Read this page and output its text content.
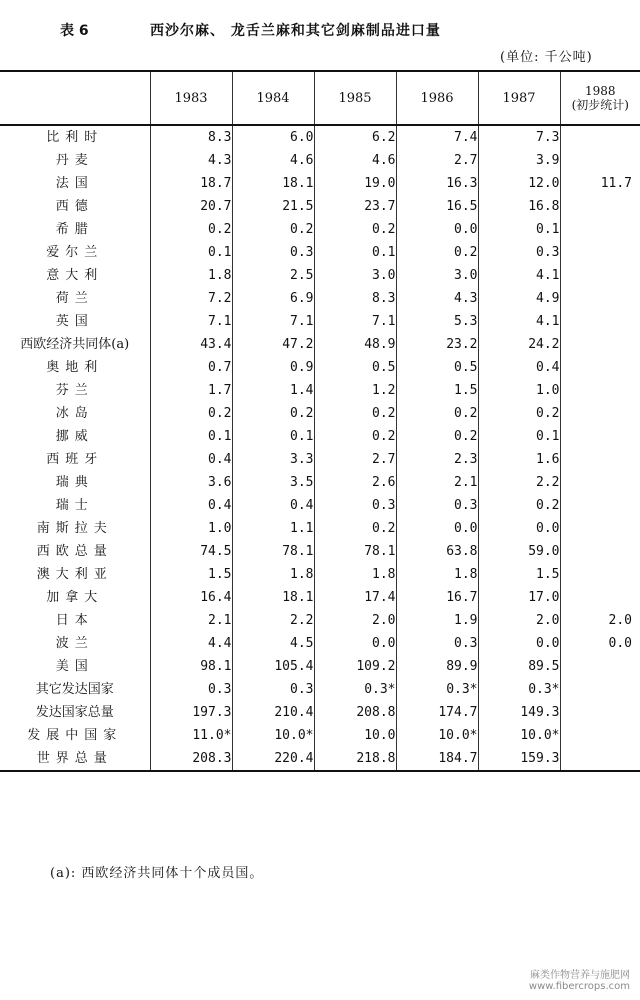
表 6	西沙尔麻、 龙舌兰麻和其它剑麻制品进口量
(单位: 千公吨)
	1983	1984	1985	1986	1987	1988
(初步统计)

比利时	8.3	6.0	6.2	7.4	7.3	
丹麦	4.3	4.6	4.6	2.7	3.9	
法国	18.7	18.1	19.0	16.3	12.0	11.7
西德	20.7	21.5	23.7	16.5	16.8	
希腊	0.2	0.2	0.2	0.0	0.1	
爱尔兰	0.1	0.3	0.1	0.2	0.3	
意大利	1.8	2.5	3.0	3.0	4.1	
荷兰	7.2	6.9	8.3	4.3	4.9	
英国	7.1	7.1	7.1	5.3	4.1	
西欧经济共同体(a)	43.4	47.2	48.9	23.2	24.2	
奥地利	0.7	0.9	0.5	0.5	0.4	
芬兰	1.7	1.4	1.2	1.5	1.0	
冰岛	0.2	0.2	0.2	0.2	0.2	
挪威	0.1	0.1	0.2	0.2	0.1	
西班牙	0.4	3.3	2.7	2.3	1.6	
瑞典	3.6	3.5	2.6	2.1	2.2	
瑞士	0.4	0.4	0.3	0.3	0.2	
南斯拉夫	1.0	1.1	0.2	0.0	0.0	
西欧总量	74.5	78.1	78.1	63.8	59.0	
澳大利亚	1.5	1.8	1.8	1.8	1.5	
加拿大	16.4	18.1	17.4	16.7	17.0	
日本	2.1	2.2	2.0	1.9	2.0	2.0
波兰	4.4	4.5	0.0	0.3	0.0	0.0
美国	98.1	105.4	109.2	89.9	89.5	
其它发达国家	0.3	0.3	0.3*	0.3*	0.3*	
发达国家总量	197.3	210.4	208.8	174.7	149.3	
发展中国家	11.0*	10.0*	10.0	10.0*	10.0*	
世界总量	208.3	220.4	218.8	184.7	159.3	
(a): 西欧经济共同体十个成员国。
麻类作物营养与施肥网
www.fibercrops.com
